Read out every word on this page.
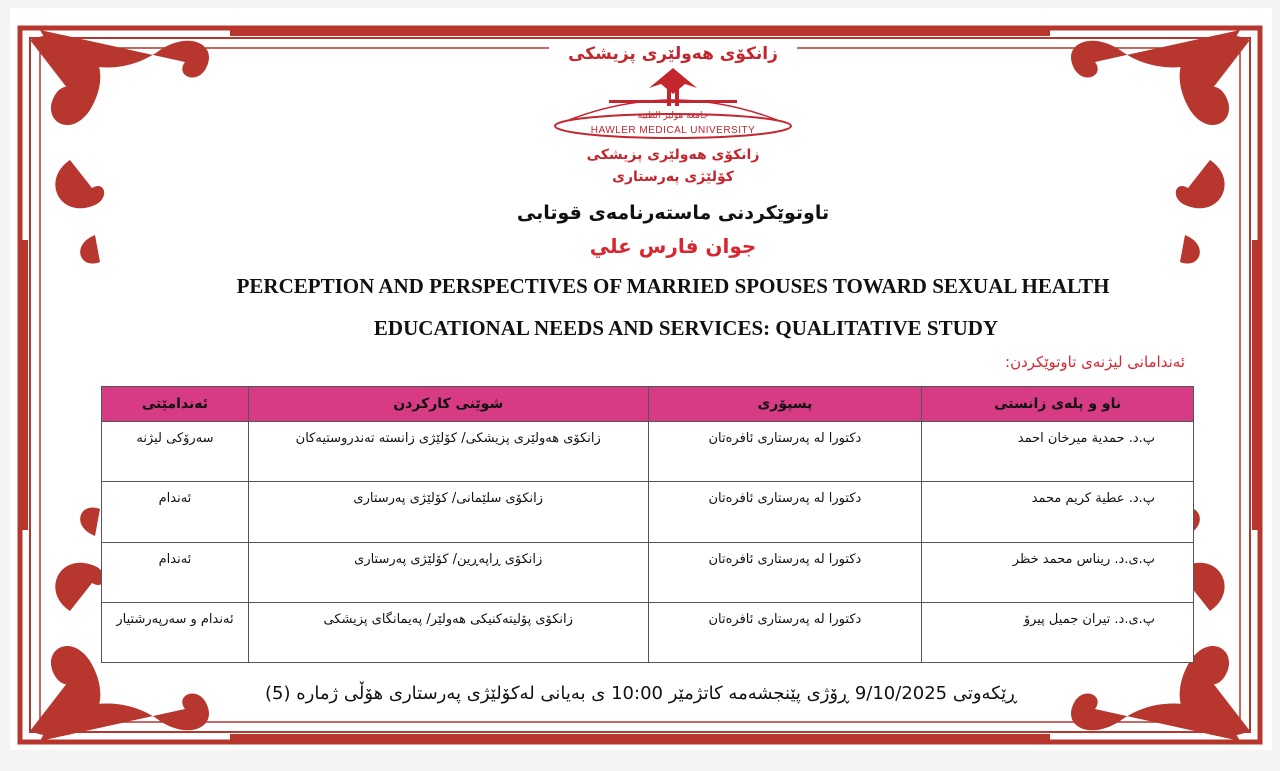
زانكۆی ھەولێری پزیشكی
جامعة هولير الطبية
HAWLER MEDICAL UNIVERSITY
زانكۆی هەولێری پزیشكی
كۆلێژی پەرستاری
تاوتوێكردنی ماستەرنامەی قوتابی
جوان فارس علي
PERCEPTION AND PERSPECTIVES OF MARRIED SPOUSES TOWARD SEXUAL HEALTH
EDUCATIONAL NEEDS AND SERVICES: QUALITATIVE STUDY
ئەندامانی لیژنەی تاوتوێكردن:
ناو و پلەی زانستی	پسپۆری	شوێنی كاركردن	ئەندامێتی
پ.د. حمدية ميرخان احمد	دكتورا له پەرستاری ئافرەتان	زانكۆی هەولێری پزیشكی/ كۆلێژی زانستە تەندروستیەكان	سەرۆكی لیژنە
پ.د. عطية كريم محمد	دكتورا له پەرستاری ئافرەتان	زانكۆی سلێمانی/ كۆلێژی پەرستاری	ئەندام
پ.ی.د. ريناس محمد خظر	دكتورا له پەرستاری ئافرەتان	زانكۆی ڕاپەڕین/ كۆلێژی پەرستاری	ئەندام
پ.ی.د. تيران جميل پيرۆ	دكتورا له پەرستاری ئافرەتان	زانكۆی پۆلیتەكنیكی هەولێر/ پەیمانگای پزیشكی	ئەندام و سەرپەرشتیار
ڕێكەوتی 9/10/2025 ڕۆژی پێنجشەمە كاتژمێر 10:00 ی بەیانی لەكۆلێژی پەرستاری هۆڵی ژمارە (5)
